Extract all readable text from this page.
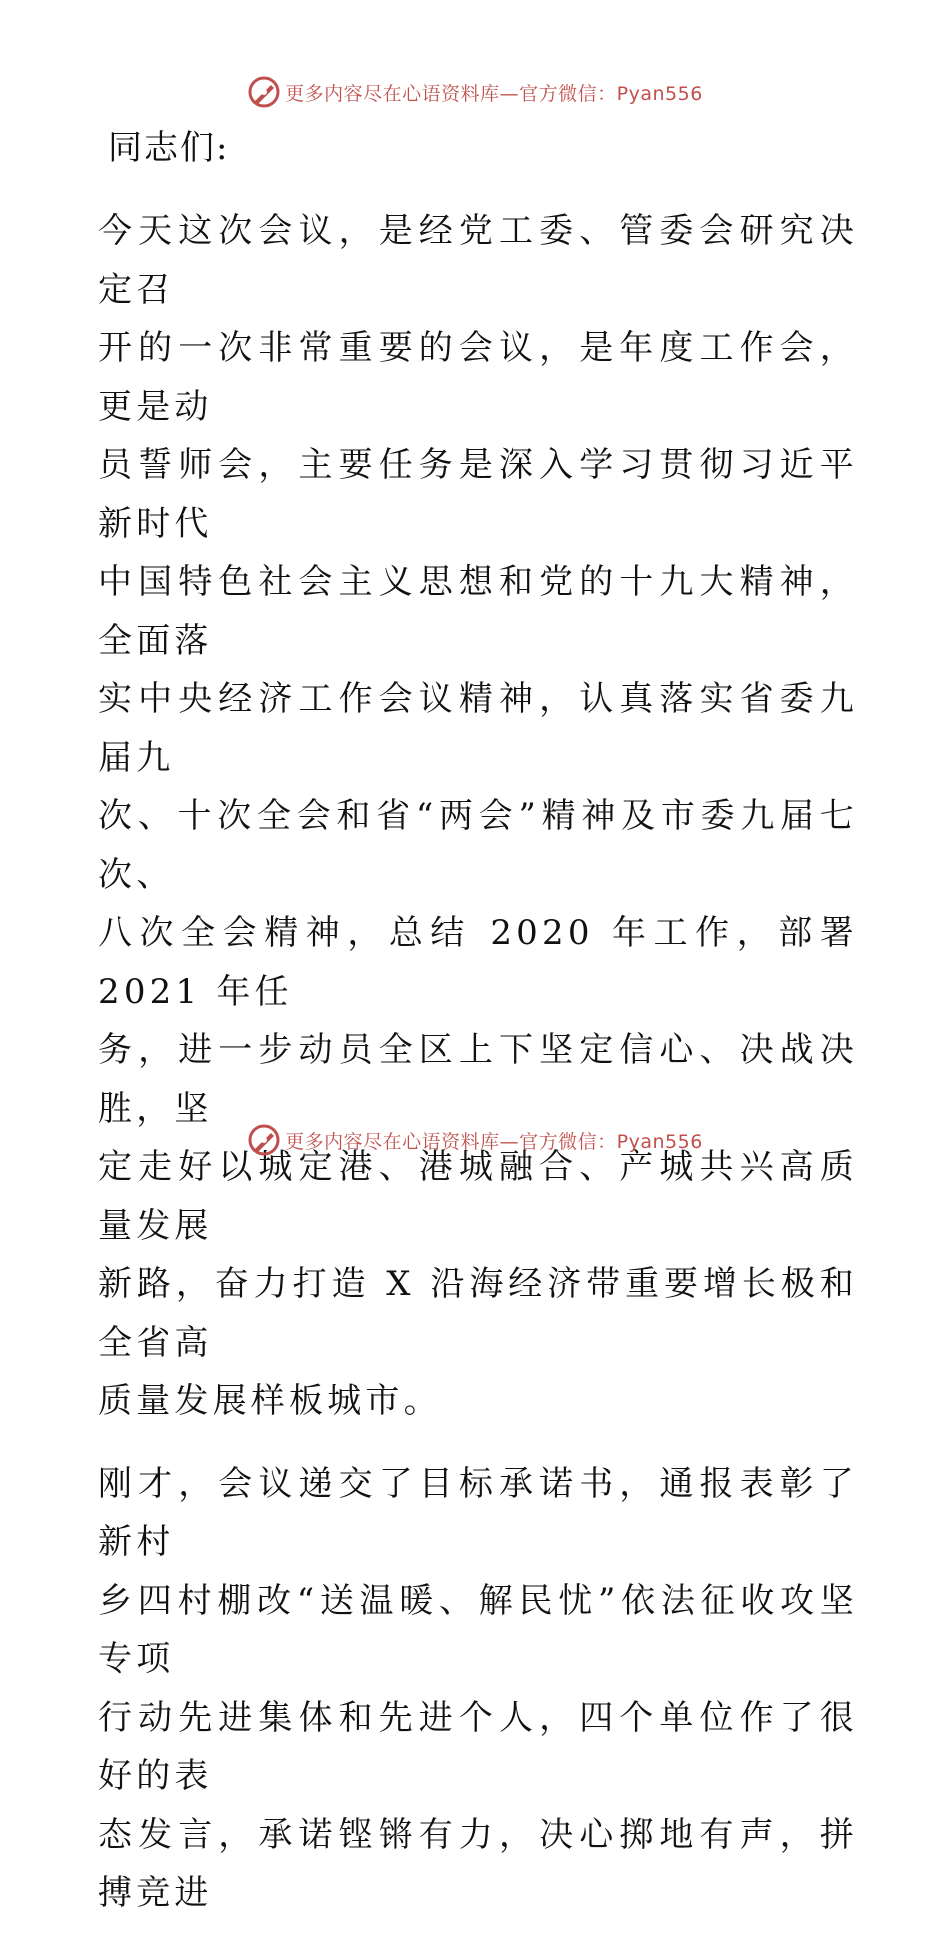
更多内容尽在心语资料库—官方微信：Pyan556
同志们:
今天这次会议，是经党工委、管委会研究决定召
开的一次非常重要的会议，是年度工作会，更是动
员誓师会，主要任务是深入学习贯彻习近平新时代
中国特色社会主义思想和党的十九大精神，全面落
实中央经济工作会议精神，认真落实省委九届九
次、十次全会和省“两会”精神及市委九届七次、
八次全会精神，总结 2020 年工作，部署 2021 年任
务，进一步动员全区上下坚定信心、决战决胜，坚
定走好以城定港、港城融合、产城共兴高质量发展
新路，奋力打造 X 沿海经济带重要增长极和全省高
质量发展样板城市。
刚才，会议递交了目标承诺书，通报表彰了新村
乡四村棚改“送温暖、解民忧”依法征收攻坚专项
行动先进集体和先进个人，四个单位作了很好的表
态发言，承诺铿锵有力，决心掷地有声，拼搏竞进
更多内容尽在心语资料库—官方微信：Pyan556
